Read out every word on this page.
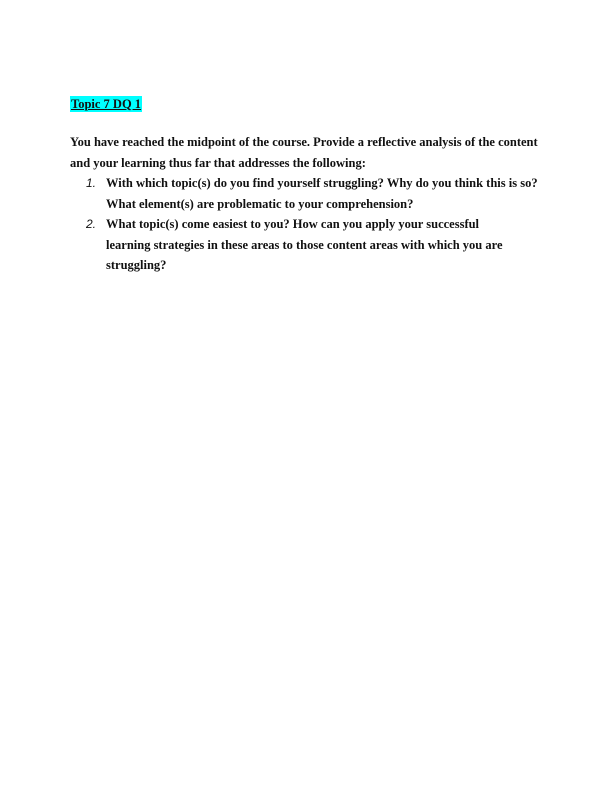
Topic 7 DQ 1

You have reached the midpoint of the course. Provide a reflective analysis of the content

and your learning thus far that addresses the following:

1. With which topic(s) do you find yourself struggling? Why do you think this is so?
What element(s) are problematic to your comprehension?
2. What topic(s) come easiest to you? How can you apply your successful
learning strategies in these areas to those content areas with which you are
struggling?
